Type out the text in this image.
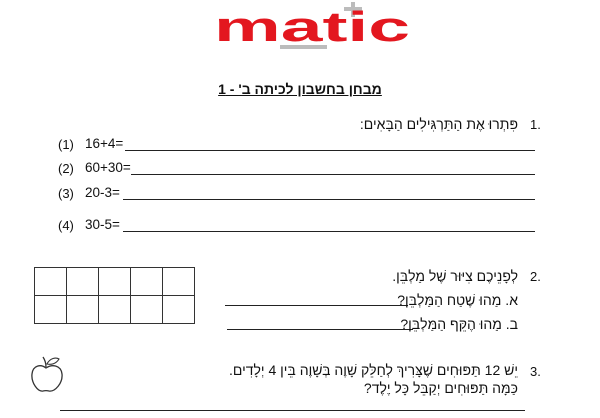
matic
מבחן בחשבון לכיתה ב' - 1
1.
פִּתְרוּ אֶת הַתַּרְגִּילִים הַבָּאִים:
(1) 16+4=
(2) 60+30=
(3) 20-3=
(4) 30-5=

2.
לְפָנֵיכֶם צִיּוּר שֶׁל מַלְבֵּן.
א. מַהוּ שֶׁטַח הַמַּלְבֵּן?
ב. מַהוּ הֶקֵּף הַמַּלְבֵּן?
3.
יֵשׁ 12 תַּפּוּחִים שֶׁצָּרִיךְ לְחַלֵּק שָׁוֶה בְּשָׁוֶה בֵּין 4 יְלָדִים.
כַּמָּה תַּפּוּחִים יְקַבֵּל כָּל יֶלֶד?
